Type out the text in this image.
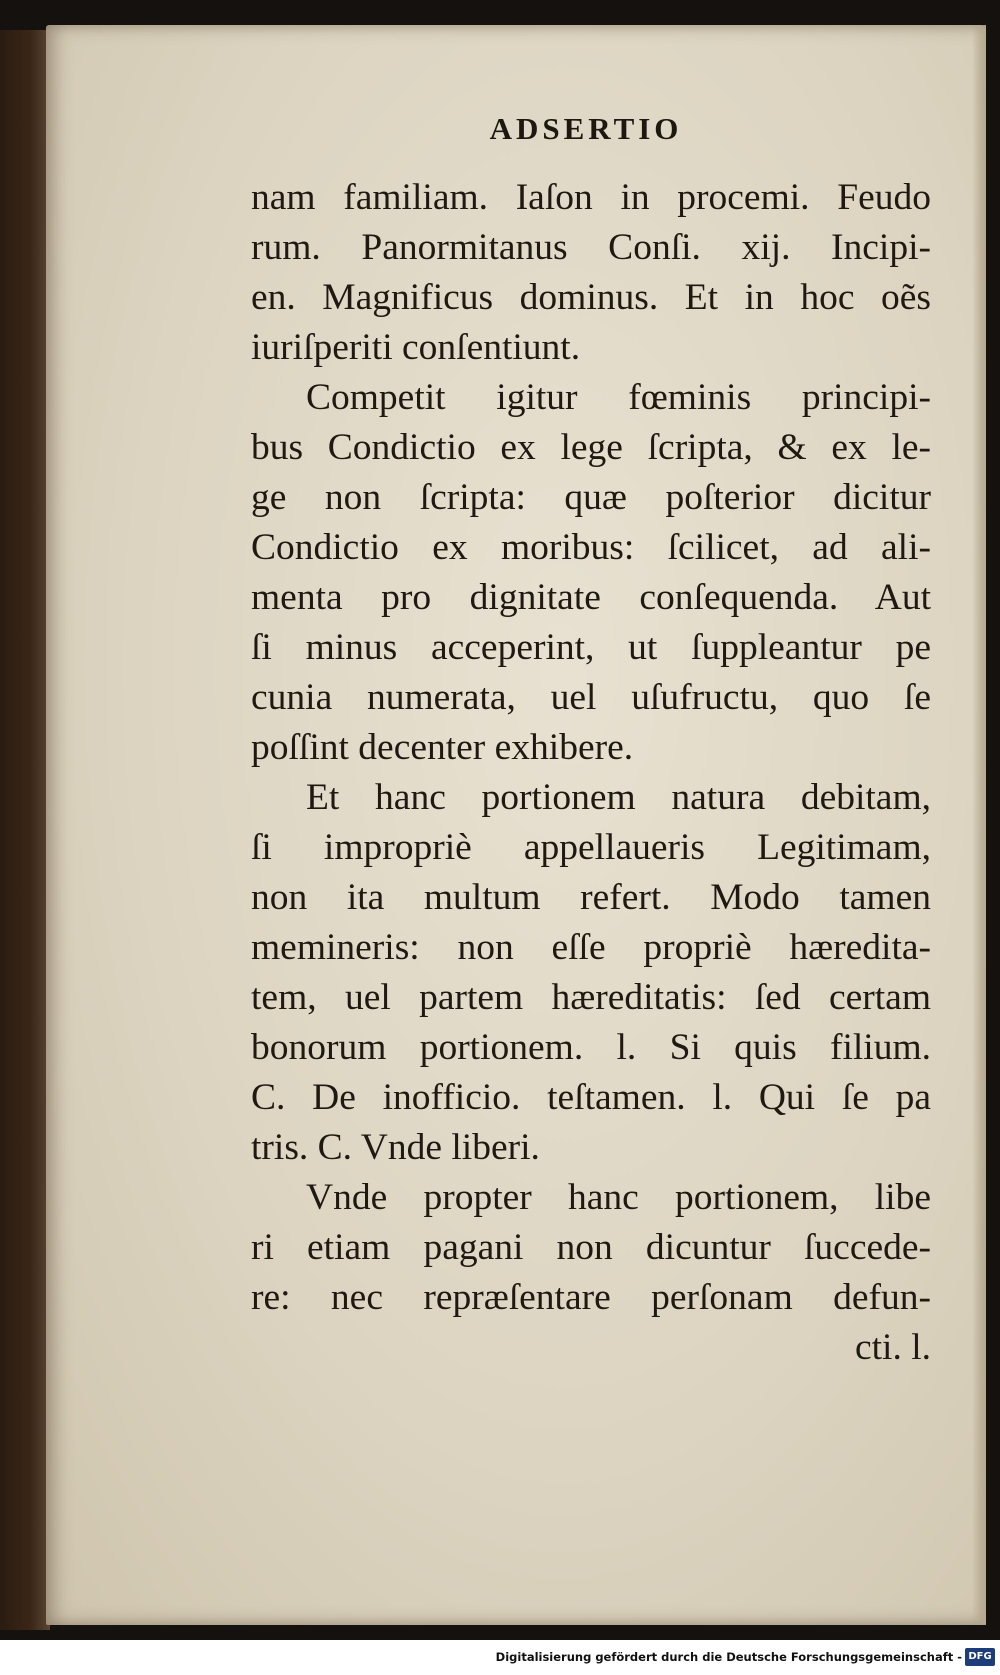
ADSERTIO
nam familiam. Iaſon in procemi. Feudo
rum. Panormitanus Conſi. xij. Incipi-
en. Magnificus dominus. Et in hoc oẽs
iuriſperiti conſentiunt.
Competit igitur fœminis principi-
bus Condictio ex lege ſcripta, & ex le-
ge non ſcripta: quæ poſterior dicitur
Condictio ex moribus: ſcilicet, ad ali-
menta pro dignitate conſequenda. Aut
ſi minus acceperint, ut ſuppleantur pe
cunia numerata, uel uſufructu, quo ſe
poſſint decenter exhibere.
Et hanc portionem natura debitam,
ſi impropriè appellaueris Legitimam,
non ita multum refert. Modo tamen
memineris: non eſſe propriè hæredita-
tem, uel partem hæreditatis: ſed certam
bonorum portionem. l. Si quis filium.
C. De inofficio. teſtamen. l. Qui ſe pa
tris. C. Vnde liberi.
Vnde propter hanc portionem, libe
ri etiam pagani non dicuntur ſuccede-
re: nec repræſentare perſonam defun-
cti. l.
Digitalisierung gefördert durch die Deutsche Forschungsgemeinschaft - DFG
